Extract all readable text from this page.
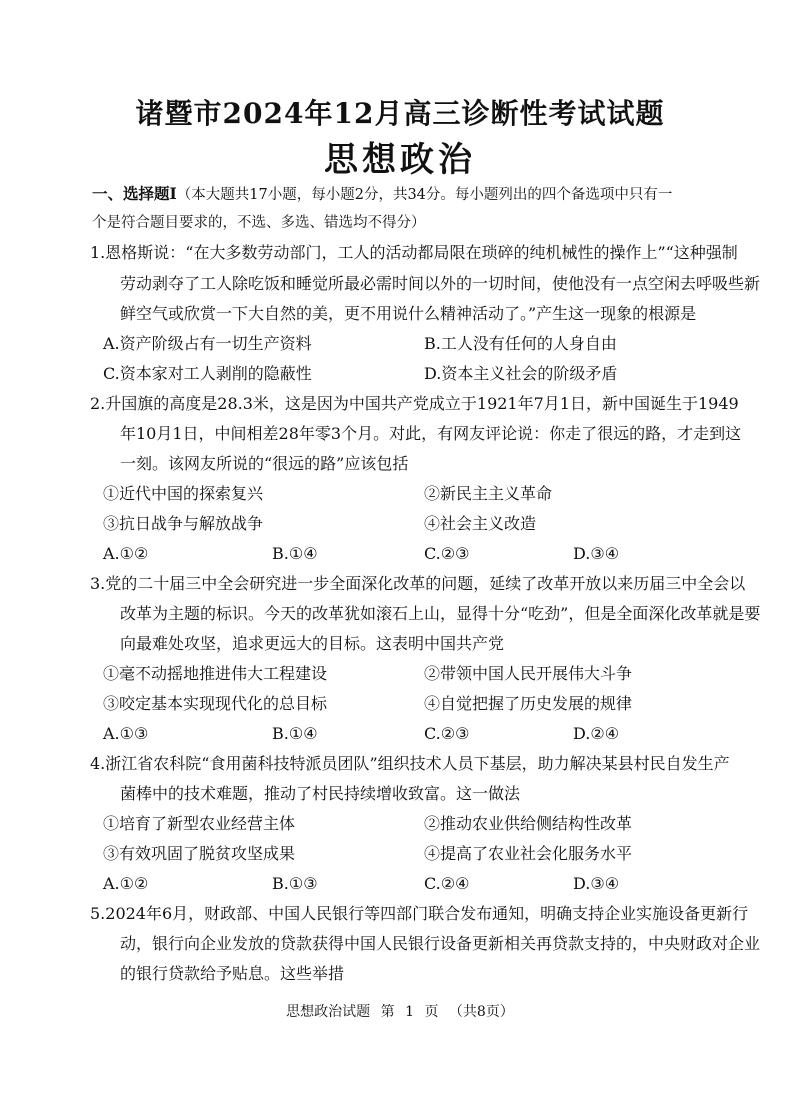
诸暨市2024年12月高三诊断性考试试题
思想政治
一、选择题Ⅰ（本大题共17小题，每小题2分，共34分。每小题列出的四个备选项中只有一
个是符合题目要求的，不选、多选、错选均不得分）
1.恩格斯说：“在大多数劳动部门，工人的活动都局限在琐碎的纯机械性的操作上”“这种强制
劳动剥夺了工人除吃饭和睡觉所最必需时间以外的一切时间，使他没有一点空闲去呼吸些新
鲜空气或欣赏一下大自然的美，更不用说什么精神活动了。”产生这一现象的根源是
A.资产阶级占有一切生产资料	B.工人没有任何的人身自由
C.资本家对工人剥削的隐蔽性	D.资本主义社会的阶级矛盾
2.升国旗的高度是28.3米，这是因为中国共产党成立于1921年7月1日，新中国诞生于1949
年10月1日，中间相差28年零3个月。对此，有网友评论说：你走了很远的路，才走到这
一刻。该网友所说的“很远的路”应该包括
①近代中国的探索复兴	②新民主主义革命
③抗日战争与解放战争	④社会主义改造
A.①②	B.①④	C.②③	D.③④
3.党的二十届三中全会研究进一步全面深化改革的问题，延续了改革开放以来历届三中全会以
改革为主题的标识。今天的改革犹如滚石上山，显得十分“吃劲”，但是全面深化改革就是要
向最难处攻坚，追求更远大的目标。这表明中国共产党
①毫不动摇地推进伟大工程建设	②带领中国人民开展伟大斗争
③咬定基本实现现代化的总目标	④自觉把握了历史发展的规律
A.①③	B.①④	C.②③	D.②④
4.浙江省农科院“食用菌科技特派员团队”组织技术人员下基层，助力解决某县村民自发生产
菌棒中的技术难题，推动了村民持续增收致富。这一做法
①培育了新型农业经营主体	②推动农业供给侧结构性改革
③有效巩固了脱贫攻坚成果	④提高了农业社会化服务水平
A.①②	B.①③	C.②④	D.③④
5.2024年6月，财政部、中国人民银行等四部门联合发布通知，明确支持企业实施设备更新行
动，银行向企业发放的贷款获得中国人民银行设备更新相关再贷款支持的，中央财政对企业
的银行贷款给予贴息。这些举措
思想政治试题 第 1 页 （共8页）
